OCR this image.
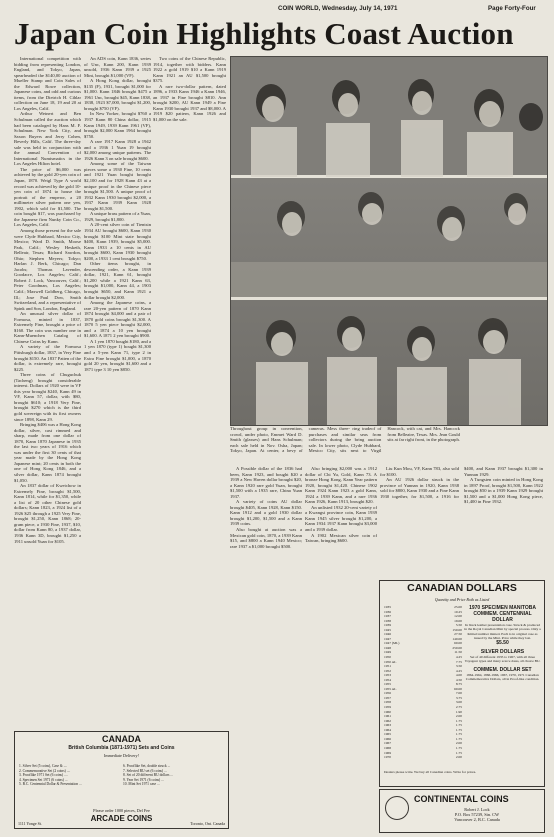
COIN WORLD, Wednesday, July 14, 1971	Page Forty-Four
Japan Coin Highlights Coast Auction

International competition with bidding from representing London, England, and Tokyo, Japan, spearheaded the $140,00 auction of Mueller Stamp and Coin Sales of the Edward Rowe collection, Japanese coins, and odd and curious items, from the Dietrich H. Cihlar collection on June 18, 19 and 20 at Los Angeles, Calif.

Arthur Weinert and Ben Schulman called the auction which had been cataloged by Hans M. F. Schulman. New York City, and Saxon Buyers and Jerry Cohen, Beverly Hills, Calif. The three-day sale was held in conjunction with the annual Convention of International Numismatics in the Los Angeles Hilton hotel.

The price of $6,000 was achieved by the gold 20-yen coin of Japan, 1870. Weigl Type A world record was achieved by the gold 10-yen coin of 1874 to house the portrait of the emperor, a 20 millimeter silver pattern one yen, 1902, which sold for $1,500. The coin bought $17, was purchased by the Japanese firm Nunky Coin Co., Los Angeles, Calif.

Among those present for the sale were Clyde Hubbard, Mexico City, Mexico; Ward D. Smith, Moose Park, Calif.; Wesley Hesketh, Belleair, Texas; Richard Sawdon, Ohio; Stephen Meyers; Tokyo; Harlan J. Berk, Chicago; Dan Jacobs; Thomas Lavender, Goodacre, Los Angeles; Calif.; Robert J. Lock, Vancouver, Calif.; Peter Goodman, Los Angeles; Calif.; Maxwell Goldberg, Chicago, Ill.; Jose Paul Dow, Smith Switzerland, and a representative of Spink and Son, London, England.

An unusual silver dollar of Formosa, minted in 1837, Extremely Fine, brought a price of $160. The coin was number one in Kann-Muenchen Catalog of Chinese Coins by Kann.

A variety of the Formosa Pittsburgh dollar, 1837, in Very Fine brought $150. An 1837 Patten of the dollar, is extremely rare, brought $225.

Three coins of Chuguchuk (Tacheng) brought considerable interest. Dollars of 1920 were in VF this year brought $240, Kann 49 in VF, Kann 57, dollar, with $80, brought $610; a 1918 Very Fine, brought $270 which is the third gold sovereign with its first owners since 1898, Kann 29.

Bringing $406 was a Hong Kong dollar, silver, cast rimmed and sharp, made from one dollar of 1870, Kann 1870 Japanese in 1935 the last two years of 1916 which was under the first 30 cents of that year made by the Hong Kong Japanese mint; 20 cents in both the one of Hong Kong 1846, and a silver dollar, Kann 1874 brought $1,050.

An 1837 dollar of Kweichow in Extremely Fine, brought $1,500, Kann 1814, while for $1,350, while a list of 20 other Chinese gold dollars; Kann 1823, a 1924 list of a 1926 $25 through a 1925 Very Fine, brought $1,250, Kann 1868; 20-gram piece, a 1930 Fine, 1937, $10, dollar from Kann 80, a 1937 dollar, 1936 Kann 3D, brought $1,250 a 1911 unsold Yuan for $105.

An ADS coin, Kann 1836, series of Unc, Kann 200, Kann 1939 unsold, 1936 Kann 1939 a 1925 Mint, brought $1,000 (VF).

A Hong Kong dollar, brought $135 (F), 1931, brought $1,000 for $1,000. Kann 1846 brought $475 a 1961 Unc, brought $45, Kann 1838, 1838, 1923 $7,000, brought $1,200, brought $750 (VF).

In New Yorker, brought $760 a 1937 Kann 80 China dollar, 1915 Kann 1949, 1939 Kann 1961 (VF), brought $2,000 Kann 1964 brought $750.

A rare 1917 Kann 1928 a 1942 and a 1936 1 Yuan 19 brought $2,000 among unique patterns. The 1926 Kann 3 on sale brought $600.

Among some of the Taiwan pieces some a 1930 Fine, 10 cents and 1921 Yuan bought brought $2,100 and for 1928 Kann 43 at a unique proof in the Chinese piece brought $1,500. A unique proof of 1932 Kann 1930 brought $2,000, a 1937 Kann 1939 Kann 1928 brought $1,500.

A unique brass pattern of a Yuan, 1929, brought $1,800.

A 20-cent silver coin of Tientsin 1934 AU brought $600, Kann 1930 brought $100 Mint state brought $400, Kann 1939, brought $5,000. Kann 1933 a 10 cents in AU brought $600, Kann 1930 brought $200, a 1933 1 cent brought $750.

Other items brought, in descending order, a Kann 1939 dollar, 1921, Kann 61, brought $1,200 while a 1921 Kann 63, brought $1,000, Kann 44, a 1903 brought $650, and Kann 1921 a dollar brought $2,000.

Among the Japanese coins, a rare 20-yen pattern of 1870 Kann 1874 brought $4,000 and a pair of 1870 gold coins brought $1,300. A 1870 5 yen piece brought $2,000, and a 1874 a 10 yen brought $1,600. A 1871 2 yen brought $900.

A 1 yen 1870 bought $180, and a 1 yen 1870 (type 1) bought $1,300 and a 5-yen Kann 71, type 2 in Extra Fine brought $1,000, a 1870 gold 20 yen, brought $1,600 and a 1871 type 3 10 yen $850.

Two coins of the Chinese Republic, 1914, together with bidders. Kann 1922 a gold 1919 $10 a Kann 1919 Kann 1921 an AU $1,500 brought $375.

A rare two-dollar pattern, dated 1896, a 1933 Kann 1946 a Kann 1946, an 1937 in Fine brought $810. Ann brought $200, AU Kann 1949 a Fine Kann 1930 brought 1937 and $8,000. A 1919 $20 pattern, Kann 1926 and $1,000 on the sale.

Throughout group in convention, crowd, under photo, Emmet Ward D. Smith (glasses) and Hans Schulman; each sale held in Nov. Osha, Japan; Tokyo, Japan. At center, a bevy of cameras. Mess three- ring tradeof of purchases and similar seas from collectors during the bring auction sale. In lower photo, Clyde Hubbard, Mexico City, sits next to Virgil Hancock, with cat, and Mrs. Hancock from Belleaire, Texas. Mrs. Jean Gould sits at far right front, in the photograph.

A Possible dollar of the 1836 had been, Kann 1923, and bought $20 a 1939 a New Haven dollar brought $20, a Kann 1920 rare gold Yuan, brought $1,500 with a 1935 rare, China Yuan 1937.

A variety of coins AU dollar brought $405, Kann 1928, Kann $150. Kann 1912 and a gold 1930 dollar brought $1,200, $1,500 and a Kann 1939 coins.

Also bought at auction was a Mexican gold coin, 1870, a 1939 Kann $15, and $800 a Kann 1940 Mexico; rare 1937 a $1,000 brought $500.

Also bringing $2,000 was a 1912 dollar of Chi Yu, Gold, Kann 73. A bronze Hong Kong, Kann Year pattern 1920, brought $1,420. Chinese 1902 Kann 1924 Kann 1923 a gold Kann, 1924 a 1939 Kann, and a rare 1936 Kann 1926, Kann 1913, brought $20.

An unlisted 1932 20-cent variety of a Kwangsi province coin, Kann 1939 Kann 1945 silver brought $1,200, a Kann 1934 1937 Kann brought $3,000 and a 1939 dollar.

A 1902 Mexican silver coin of Taiwan, bringing $600.

Liu Kun Mou, VF, Kann 783, also sold for $100.

An AU 1926 dollar struck in the province of Yunnan in 1920, Kann 1938 sold for $800, Kann 1930 and a Fine Kann 1930 together, for $1,500, a 1916 for $400, and Kann 1937 brought $1,300 in Yunnan 1929.

A Tungsten coin minted in Hong Kong in 1897 Proof, brought $1,500, Kann 1922 brought $50 in a 1939 Kann 1929 brought $1,500 and a $1,000 Hong Kong piece, $1,400 in Fine 1932.

CANADA
British Columbia (1871-1971) Sets and Coins
Immediate Delivery!
1. Silver Set (5 coins), Case & ....
2. Commemorative Set (2 coins) ....
3. Prooflike 1971 Set (6 coins) ....
4. Specimen Set 1971 (6 coins) ...
5. B.C. Centennial Dollar & Presentation ...
6. Prooflike Set, double struck ...
7. Selected BU set (6 coins) ...
8. Set of 20 different BU dollars ...
9. Year Set 1971 (6 coins) ...
10. Mint Set 1971 case ...
Please order 1000 pieces, Del Fee
ARCADE COINS
1111 Yonge St.	Toronto, Ont. Canada
CANADIAN DOLLARS
Quantity and Price Both as Listed
1935	25.00
1936	10.25
1937	12.00
1938	19.00
1939	5.50
1945	150.00
1946	27.50
1947	140.00
1947 (ML)	60.00
1948	250.00
1949	11.50
1950	4.25
1950 AL	7.75
1951	3.50
1952	4.25
1953	4.00
1954	4.50
1955	8.75
1955 AL	60.00
1956	7.00
1957	3.75
1958	3.00
1959	2.75
1960	1.90
1961	2.00
1962	1.75
1963	1.75
1964	1.75
1965	1.75
1966	1.75
1967	2.00
1968	1.75
1969	1.75
1970	2.00
1970 SPECIMEN MANITOBA COMMEM. CENTENNIAL DOLLAR
In black leather presentation case. Struck & produced in the Royal Canadian Mint by special process. Only a limited number minted. Each is in original case as issued by the Mint. Price while they last.
$5.50
SILVER DOLLARS
Set of 40 different 1935 to 1967, with all three Voyageur types and many scarce dates, all choice BU.
COMMEM. DOLLAR SET
1864-1964, 1866-1966, 1967, 1970, 1971 Canadian Commemorative Dollars, all in Proof-like condition.
Dealers please write. We buy all Canadian coins. Write for prices.
CONTINENTAL COINS
Robert J. Lock
P.O. Box 57239, Stn. CW
Vancouver 2, B.C. Canada
